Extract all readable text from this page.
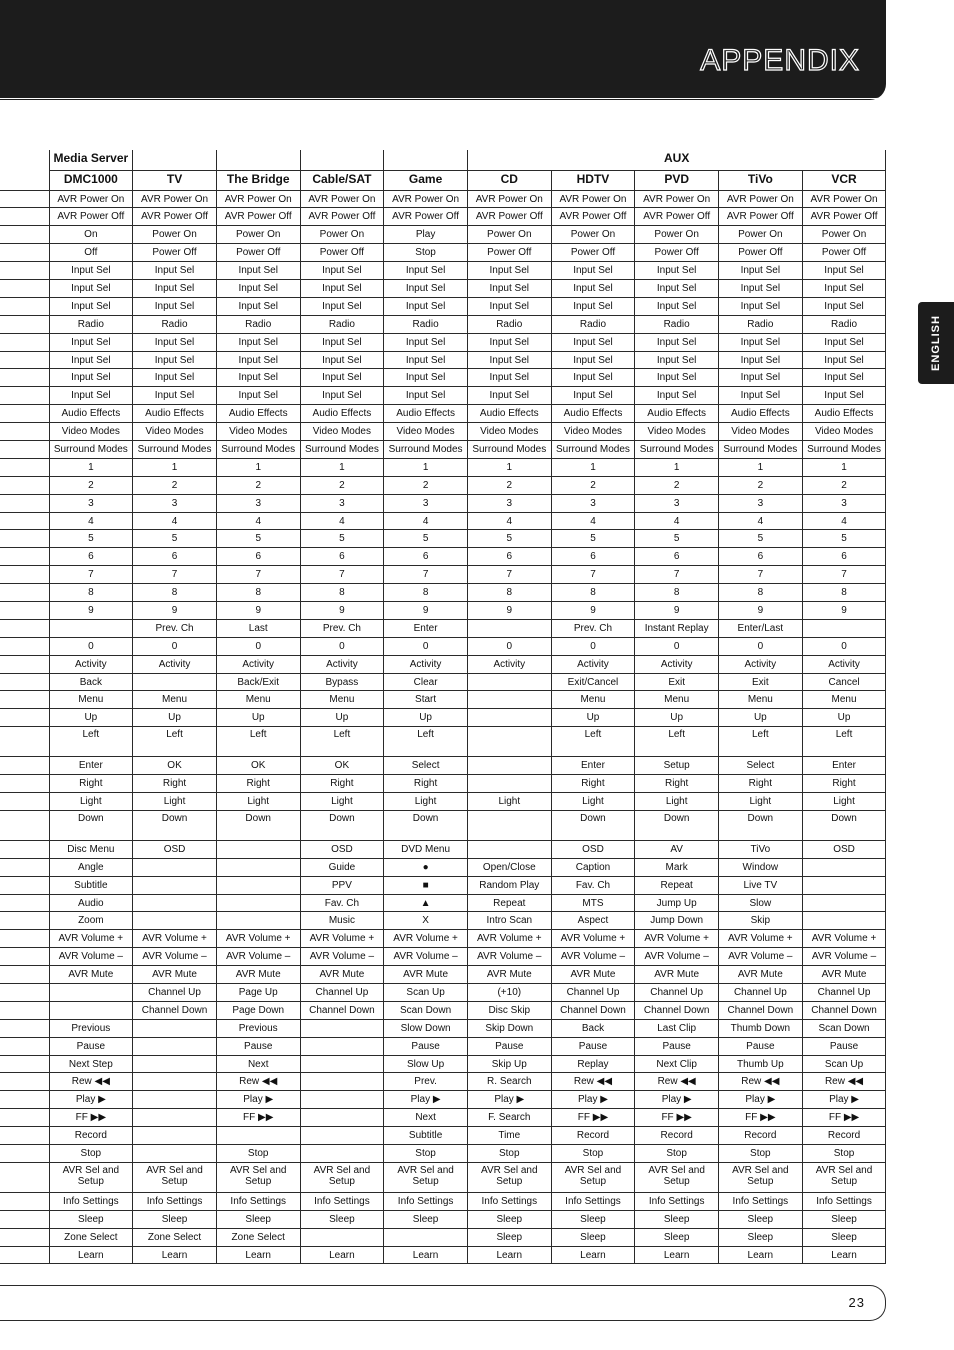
APPENDIX
ENGLISH
	Media Server					AUX				
	DMC1000	TV	The Bridge	Cable/SAT	Game	CD	HDTV	PVD	TiVo	VCR
	AVR Power On	AVR Power On	AVR Power On	AVR Power On	AVR Power On	AVR Power On	AVR Power On	AVR Power On	AVR Power On	AVR Power On
	AVR Power Off	AVR Power Off	AVR Power Off	AVR Power Off	AVR Power Off	AVR Power Off	AVR Power Off	AVR Power Off	AVR Power Off	AVR Power Off
	On	Power On	Power On	Power On	Play	Power On	Power On	Power On	Power On	Power On
	Off	Power Off	Power Off	Power Off	Stop	Power Off	Power Off	Power Off	Power Off	Power Off
	Input Sel	Input Sel	Input Sel	Input Sel	Input Sel	Input Sel	Input Sel	Input Sel	Input Sel	Input Sel
	Input Sel	Input Sel	Input Sel	Input Sel	Input Sel	Input Sel	Input Sel	Input Sel	Input Sel	Input Sel
	Input Sel	Input Sel	Input Sel	Input Sel	Input Sel	Input Sel	Input Sel	Input Sel	Input Sel	Input Sel
	Radio	Radio	Radio	Radio	Radio	Radio	Radio	Radio	Radio	Radio
	Input Sel	Input Sel	Input Sel	Input Sel	Input Sel	Input Sel	Input Sel	Input Sel	Input Sel	Input Sel
	Input Sel	Input Sel	Input Sel	Input Sel	Input Sel	Input Sel	Input Sel	Input Sel	Input Sel	Input Sel
	Input Sel	Input Sel	Input Sel	Input Sel	Input Sel	Input Sel	Input Sel	Input Sel	Input Sel	Input Sel
	Input Sel	Input Sel	Input Sel	Input Sel	Input Sel	Input Sel	Input Sel	Input Sel	Input Sel	Input Sel
	Audio Effects	Audio Effects	Audio Effects	Audio Effects	Audio Effects	Audio Effects	Audio Effects	Audio Effects	Audio Effects	Audio Effects
	Video Modes	Video Modes	Video Modes	Video Modes	Video Modes	Video Modes	Video Modes	Video Modes	Video Modes	Video Modes
	Surround Modes	Surround Modes	Surround Modes	Surround Modes	Surround Modes	Surround Modes	Surround Modes	Surround Modes	Surround Modes	Surround Modes
	1	1	1	1	1	1	1	1	1	1
	2	2	2	2	2	2	2	2	2	2
	3	3	3	3	3	3	3	3	3	3
	4	4	4	4	4	4	4	4	4	4
	5	5	5	5	5	5	5	5	5	5
	6	6	6	6	6	6	6	6	6	6
	7	7	7	7	7	7	7	7	7	7
	8	8	8	8	8	8	8	8	8	8
	9	9	9	9	9	9	9	9	9	9
		Prev. Ch	Last	Prev. Ch	Enter		Prev. Ch	Instant Replay	Enter/Last	
	0	0	0	0	0	0	0	0	0	0
	Activity	Activity	Activity	Activity	Activity	Activity	Activity	Activity	Activity	Activity
	Back		Back/Exit	Bypass	Clear		Exit/Cancel	Exit	Exit	Cancel
	Menu	Menu	Menu	Menu	Start		Menu	Menu	Menu	Menu
	Up	Up	Up	Up	Up		Up	Up	Up	Up
	Left	Left	Left	Left	Left		Left	Left	Left	Left
	Enter	OK	OK	OK	Select		Enter	Setup	Select	Enter
	Right	Right	Right	Right	Right		Right	Right	Right	Right
	Light	Light	Light	Light	Light	Light	Light	Light	Light	Light
	Down	Down	Down	Down	Down		Down	Down	Down	Down
	Disc Menu	OSD		OSD	DVD Menu		OSD	AV	TiVo	OSD
	Angle			Guide	●	Open/Close	Caption	Mark	Window	
	Subtitle			PPV	■	Random Play	Fav. Ch	Repeat	Live TV	
	Audio			Fav. Ch	▲	Repeat	MTS	Jump Up	Slow	
	Zoom			Music	X	Intro Scan	Aspect	Jump Down	Skip	
	AVR Volume +	AVR Volume +	AVR Volume +	AVR Volume +	AVR Volume +	AVR Volume +	AVR Volume +	AVR Volume +	AVR Volume +	AVR Volume +
	AVR Volume –	AVR Volume –	AVR Volume –	AVR Volume –	AVR Volume –	AVR Volume –	AVR Volume –	AVR Volume –	AVR Volume –	AVR Volume –
	AVR Mute	AVR Mute	AVR Mute	AVR Mute	AVR Mute	AVR Mute	AVR Mute	AVR Mute	AVR Mute	AVR Mute
		Channel Up	Page Up	Channel Up	Scan Up	(+10)	Channel Up	Channel Up	Channel Up	Channel Up
		Channel Down	Page Down	Channel Down	Scan Down	Disc Skip	Channel Down	Channel Down	Channel Down	Channel Down
	Previous		Previous		Slow Down	Skip Down	Back	Last Clip	Thumb Down	Scan Down
	Pause		Pause		Pause	Pause	Pause	Pause	Pause	Pause
	Next Step		Next		Slow Up	Skip Up	Replay	Next Clip	Thumb Up	Scan Up
	Rew ◀◀		Rew ◀◀		Prev.	R. Search	Rew ◀◀	Rew ◀◀	Rew ◀◀	Rew ◀◀
	Play ▶		Play ▶		Play ▶	Play ▶	Play ▶	Play ▶	Play ▶	Play ▶
	FF ▶▶		FF ▶▶		Next	F. Search	FF ▶▶	FF ▶▶	FF ▶▶	FF ▶▶
	Record				Subtitle	Time	Record	Record	Record	Record
	Stop		Stop		Stop	Stop	Stop	Stop	Stop	Stop
	AVR Sel and Setup	AVR Sel and Setup	AVR Sel and Setup	AVR Sel and Setup	AVR Sel and Setup	AVR Sel and Setup	AVR Sel and Setup	AVR Sel and Setup	AVR Sel and Setup	AVR Sel and Setup
	Info Settings	Info Settings	Info Settings	Info Settings	Info Settings	Info Settings	Info Settings	Info Settings	Info Settings	Info Settings
	Sleep	Sleep	Sleep	Sleep	Sleep	Sleep	Sleep	Sleep	Sleep	Sleep
	Zone Select	Zone Select	Zone Select			Sleep	Sleep	Sleep	Sleep	Sleep
	Learn	Learn	Learn	Learn	Learn	Learn	Learn	Learn	Learn	Learn
23
